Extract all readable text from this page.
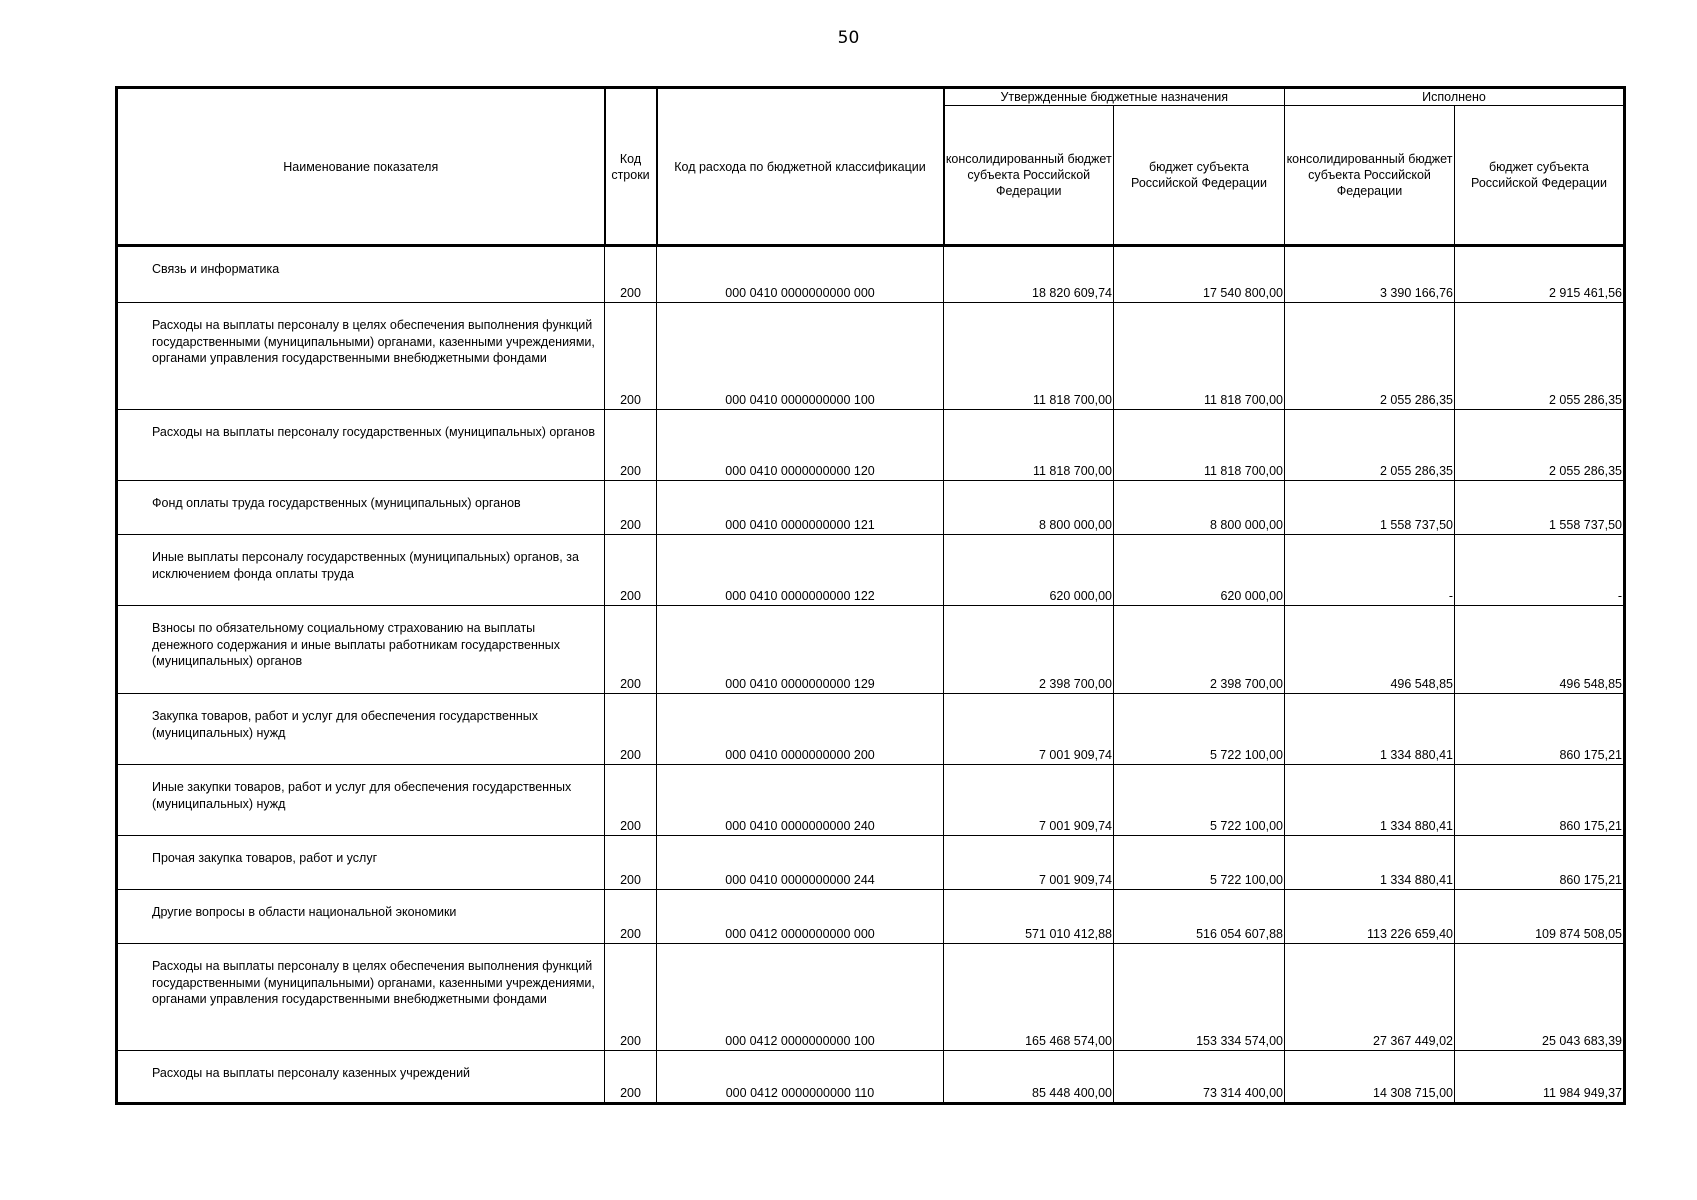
50
Наименование показателя	Код строки	Код расхода по бюджетной классификации	Утвержденные бюджетные назначения		Исполнено	
			консолидированный бюджет субъекта Российской Федерации	бюджет субъекта Российской Федерации	консолидированный бюджет субъекта Российской Федерации	бюджет субъекта Российской Федерации
Связь и информатика	200	000 0410 0000000000 000	18 820 609,74	17 540 800,00	3 390 166,76	2 915 461,56
Расходы на выплаты персоналу в целях обеспечения выполнения функций государственными (муниципальными) органами, казенными учреждениями, органами управления государственными внебюджетными фондами	200	000 0410 0000000000 100	11 818 700,00	11 818 700,00	2 055 286,35	2 055 286,35
Расходы на выплаты персоналу государственных (муниципальных) органов	200	000 0410 0000000000 120	11 818 700,00	11 818 700,00	2 055 286,35	2 055 286,35
Фонд оплаты труда государственных (муниципальных) органов	200	000 0410 0000000000 121	8 800 000,00	8 800 000,00	1 558 737,50	1 558 737,50
Иные выплаты персоналу государственных (муниципальных) органов, за исключением фонда оплаты труда	200	000 0410 0000000000 122	620 000,00	620 000,00	-	-
Взносы по обязательному социальному страхованию на выплаты денежного содержания и иные выплаты работникам государственных (муниципальных) органов	200	000 0410 0000000000 129	2 398 700,00	2 398 700,00	496 548,85	496 548,85
Закупка товаров, работ и услуг для обеспечения государственных (муниципальных) нужд	200	000 0410 0000000000 200	7 001 909,74	5 722 100,00	1 334 880,41	860 175,21
Иные закупки товаров, работ и услуг для обеспечения государственных (муниципальных) нужд	200	000 0410 0000000000 240	7 001 909,74	5 722 100,00	1 334 880,41	860 175,21
Прочая закупка товаров, работ и услуг	200	000 0410 0000000000 244	7 001 909,74	5 722 100,00	1 334 880,41	860 175,21
Другие вопросы в области национальной экономики	200	000 0412 0000000000 000	571 010 412,88	516 054 607,88	113 226 659,40	109 874 508,05
Расходы на выплаты персоналу в целях обеспечения выполнения функций государственными (муниципальными) органами, казенными учреждениями, органами управления государственными внебюджетными фондами	200	000 0412 0000000000 100	165 468 574,00	153 334 574,00	27 367 449,02	25 043 683,39
Расходы на выплаты персоналу казенных учреждений	200	000 0412 0000000000 110	85 448 400,00	73 314 400,00	14 308 715,00	11 984 949,37
